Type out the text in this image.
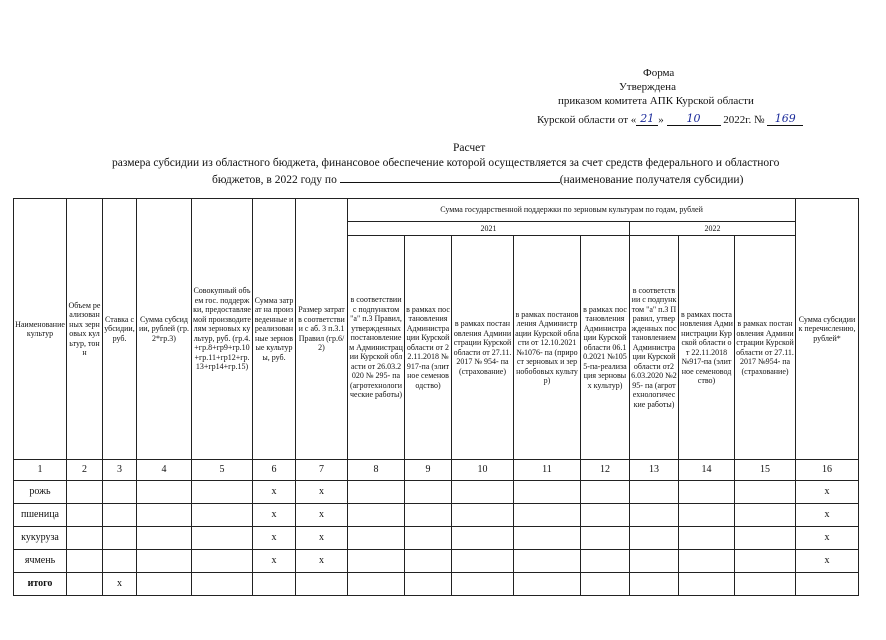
Форма
Утверждена
приказом комитета АПК Курской области
Курской области от « 21 » 10 2022г. № 169
Расчет
размера субсидии из областного бюджета, финансовое обеспечение которой осуществляется за счет средств федерального и областного
бюджетов, в 2022 году по	(наименование получателя субсидии)
Наименование культур	Объем реализованных зерновых культур, тонн	Ставка субсидии, руб.	Сумма субсидии, рублей (гр.2*гр.3)	Совокупный объем гос. поддержки, предоставляемой производителям зерновых культур, руб. (гр.4.+гр.8+гр9+гр.10+гр.11+гр12+гр.13+гр14+гр.15)	Сумма затрат на произведенные и реализованные зерновые культуры, руб.	Размер затрат в соответствии с аб. 3 п.3.1 Правил (гр.6/2)	Сумма государственной поддержки по зерновым культурам по годам, рублей								Сумма субсидии к перечислению, рублей*
							2021					2022			
							в соответствии с подпунктом "а" п.3 Правил, утвержденных постановлением Администрации Курской области от 26.03.2020 № 295- па (агротехнологические работы)	в рамках постановления Администрации Курской области от 22.11.2018 № 917-па (элитное семеноводство)	в рамках постановления Администрации Курской области от 27.11.2017 № 954- па (страхование)	в рамках постановления Администрации Курской области от 12.10.2021 №1076- па (прирост зерновых и зернобобовых культур)	в рамках постановления Администрации Курской области 06.10.2021 №1055-па-реализация зерновых культур)	в соответствии с подпунктом "а" п.3 Правил, утвержденных постановлением Администрации Курской области от26.03.2020 №295- па (агротехнологические работы)	в рамках постановления Администрации Курской области от 22.11.2018 №917-па (элитное семеноводство)	в рамках постановления Администрации Курской области от 27.11.2017 №954- па (страхование)	
1	2	3	4	5	6	7	8	9	10	11	12	13	14	15	16
рожь					x	x									x
пшеница					x	x									x
кукуруза					x	x									x
ячмень					x	x									x
итого		x													
